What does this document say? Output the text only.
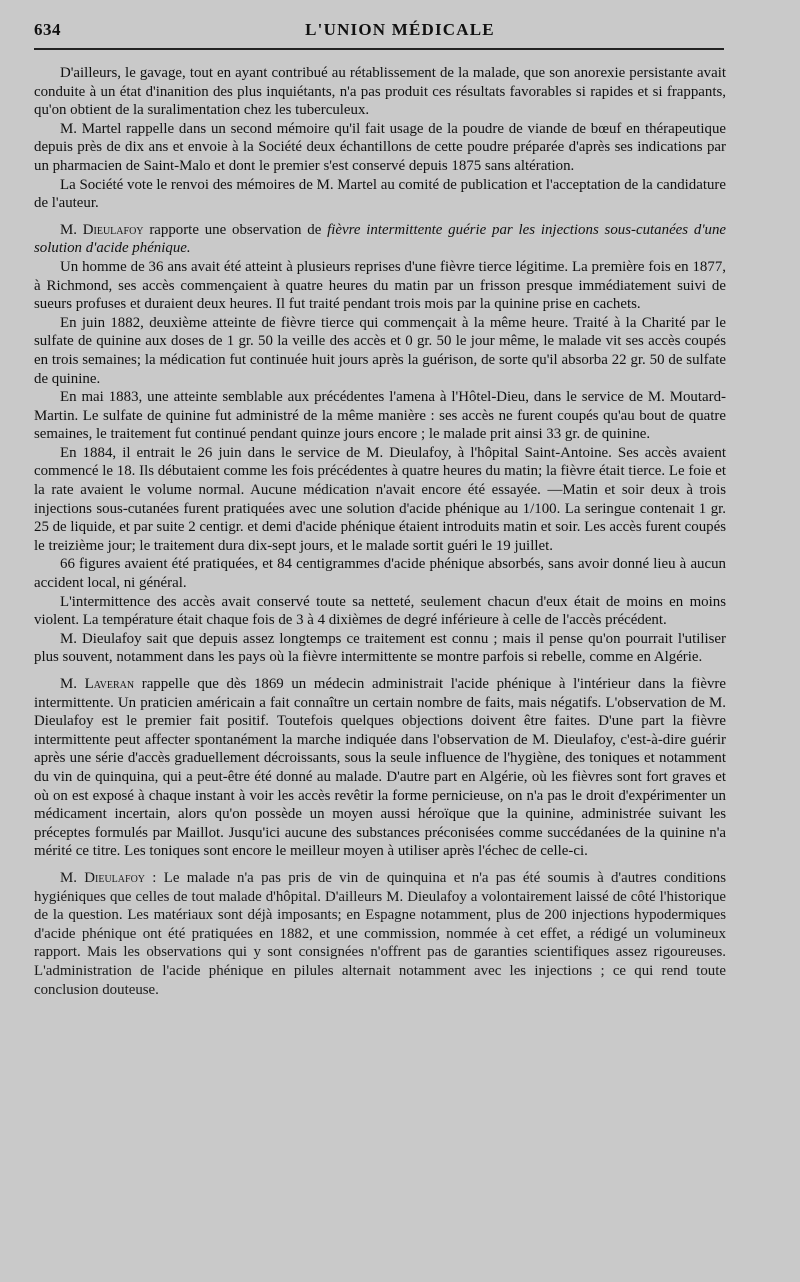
634	L'UNION MÉDICALE

D'ailleurs, le gavage, tout en ayant contribué au rétablissement de la malade, que son anorexie persistante avait conduite à un état d'inanition des plus inquiétants, n'a pas produit ces résultats favorables si rapides et si frappants, qu'on obtient de la suralimentation chez les tuberculeux.

M. Martel rappelle dans un second mémoire qu'il fait usage de la poudre de viande de bœuf en thérapeutique depuis près de dix ans et envoie à la Société deux échantillons de cette poudre préparée d'après ses indications par un pharmacien de Saint-Malo et dont le premier s'est conservé depuis 1875 sans altération.

La Société vote le renvoi des mémoires de M. Martel au comité de publication et l'acceptation de la candidature de l'auteur.

M. Dieulafoy rapporte une observation de fièvre intermittente guérie par les injections sous-cutanées d'une solution d'acide phénique.

Un homme de 36 ans avait été atteint à plusieurs reprises d'une fièvre tierce légitime. La première fois en 1877, à Richmond, ses accès commençaient à quatre heures du matin par un frisson presque immédiatement suivi de sueurs profuses et duraient deux heures. Il fut traité pendant trois mois par la quinine prise en cachets.

En juin 1882, deuxième atteinte de fièvre tierce qui commençait à la même heure. Traité à la Charité par le sulfate de quinine aux doses de 1 gr. 50 la veille des accès et 0 gr. 50 le jour même, le malade vit ses accès coupés en trois semaines; la médication fut continuée huit jours après la guérison, de sorte qu'il absorba 22 gr. 50 de sulfate de quinine.

En mai 1883, une atteinte semblable aux précédentes l'amena à l'Hôtel-Dieu, dans le service de M. Moutard-Martin. Le sulfate de quinine fut administré de la même manière : ses accès ne furent coupés qu'au bout de quatre semaines, le traitement fut continué pendant quinze jours encore ; le malade prit ainsi 33 gr. de quinine.

En 1884, il entrait le 26 juin dans le service de M. Dieulafoy, à l'hôpital Saint-Antoine. Ses accès avaient commencé le 18. Ils débutaient comme les fois précédentes à quatre heures du matin; la fièvre était tierce. Le foie et la rate avaient le volume normal. Aucune médication n'avait encore été essayée. —Matin et soir deux à trois injections sous-cutanées furent pratiquées avec une solution d'acide phénique au 1/100. La seringue contenait 1 gr. 25 de liquide, et par suite 2 centigr. et demi d'acide phénique étaient introduits matin et soir. Les accès furent coupés le treizième jour; le traitement dura dix-sept jours, et le malade sortit guéri le 19 juillet.

66 figures avaient été pratiquées, et 84 centigrammes d'acide phénique absorbés, sans avoir donné lieu à aucun accident local, ni général.

L'intermittence des accès avait conservé toute sa netteté, seulement chacun d'eux était de moins en moins violent. La température était chaque fois de 3 à 4 dixièmes de degré inférieure à celle de l'accès précédent.

M. Dieulafoy sait que depuis assez longtemps ce traitement est connu ; mais il pense qu'on pourrait l'utiliser plus souvent, notamment dans les pays où la fièvre intermittente se montre parfois si rebelle, comme en Algérie.

M. Laveran rappelle que dès 1869 un médecin administrait l'acide phénique à l'intérieur dans la fièvre intermittente. Un praticien américain a fait connaître un certain nombre de faits, mais négatifs. L'observation de M. Dieulafoy est le premier fait positif. Toutefois quelques objections doivent être faites. D'une part la fièvre intermittente peut affecter spontanément la marche indiquée dans l'observation de M. Dieulafoy, c'est-à-dire guérir après une série d'accès graduellement décroissants, sous la seule influence de l'hygiène, des toniques et notamment du vin de quinquina, qui a peut-être été donné au malade. D'autre part en Algérie, où les fièvres sont fort graves et où on est exposé à chaque instant à voir les accès revêtir la forme pernicieuse, on n'a pas le droit d'expérimenter un médicament incertain, alors qu'on possède un moyen aussi héroïque que la quinine, administrée suivant les préceptes formulés par Maillot. Jusqu'ici aucune des substances préconisées comme succédanées de la quinine n'a mérité ce titre. Les toniques sont encore le meilleur moyen à utiliser après l'échec de celle-ci.

M. Dieulafoy : Le malade n'a pas pris de vin de quinquina et n'a pas été soumis à d'autres conditions hygiéniques que celles de tout malade d'hôpital. D'ailleurs M. Dieulafoy a volontairement laissé de côté l'historique de la question. Les matériaux sont déjà imposants; en Espagne notamment, plus de 200 injections hypodermiques d'acide phénique ont été pratiquées en 1882, et une commission, nommée à cet effet, a rédigé un volumineux rapport. Mais les observations qui y sont consignées n'offrent pas de garanties scientifiques assez rigoureuses. L'administration de l'acide phénique en pilules alternait notamment avec les injections ; ce qui rend toute conclusion douteuse.
